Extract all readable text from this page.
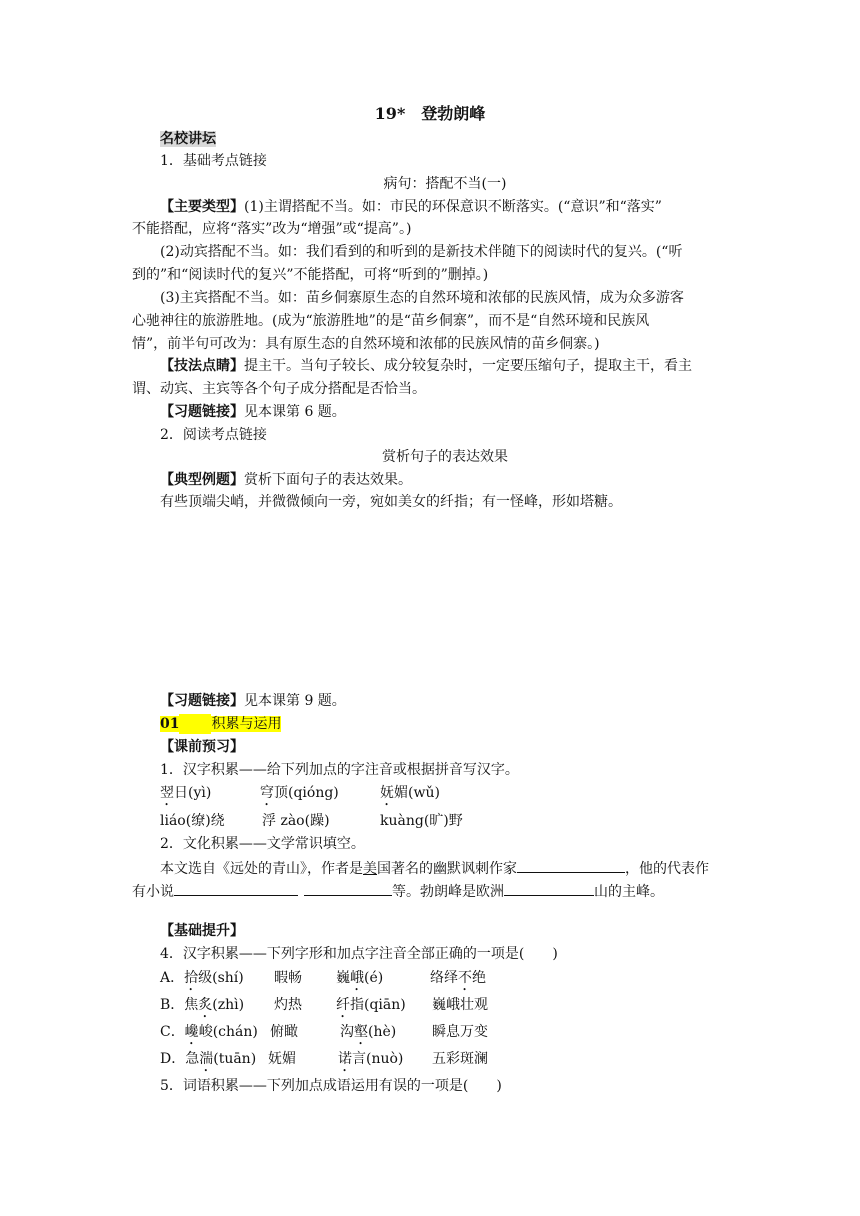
19*　登勃朗峰
名校讲坛
1．基础考点链接
病句：搭配不当(一)
【主要类型】(1)主谓搭配不当。如：市民的环保意识不断落实。(“意识”和“落实”
不能搭配，应将“落实”改为“增强”或“提高”。)
(2)动宾搭配不当。如：我们看到的和听到的是新技术伴随下的阅读时代的复兴。(“听
到的”和“阅读时代的复兴”不能搭配，可将“听到的”删掉。)
(3)主宾搭配不当。如：苗乡侗寨原生态的自然环境和浓郁的民族风情，成为众多游客
心驰神往的旅游胜地。(成为“旅游胜地”的是“苗乡侗寨”，而不是“自然环境和民族风
情”，前半句可改为：具有原生态的自然环境和浓郁的民族风情的苗乡侗寨。)
【技法点睛】提主干。当句子较长、成分较复杂时，一定要压缩句子，提取主干，看主
谓、动宾、主宾等各个句子成分搭配是否恰当。
【习题链接】见本课第 6 题。
2．阅读考点链接
赏析句子的表达效果
【典型例题】赏析下面句子的表达效果。
有些顶端尖峭，并微微倾向一旁，宛如美女的纤指；有一怪峰，形如塔糖。
【习题链接】见本课第 9 题。
01 积累与运用
【课前预习】
1．汉字积累——给下列加点的字注音或根据拼音写汉字。
翌日(yì)	穹顶(qióng)	妩媚(wǔ)
liáo(缭)绕	浮 zào(躁)	kuàng(旷)野
2．文化积累——文学常识填空。
本文选自《远处的青山》，作者是美国著名的幽默讽刺作家	，他的代表作
有小说	等。勃朗峰是欧洲	山的主峰。
【基础提升】
4．汉字积累——下列字形和加点字注音全部正确的一项是(　　)
A．拾级(shí) 暇畅 巍峨(é)	络绎不绝
B．焦炙(zhì) 灼热 纤指(qiān) 巍峨壮观
C．巉峻(chán) 俯瞰	沟壑(hè)	瞬息万变
D．急湍(tuān) 妩媚	诺言(nuò) 五彩斑澜
5．词语积累——下列加点成语运用有误的一项是(　　)
